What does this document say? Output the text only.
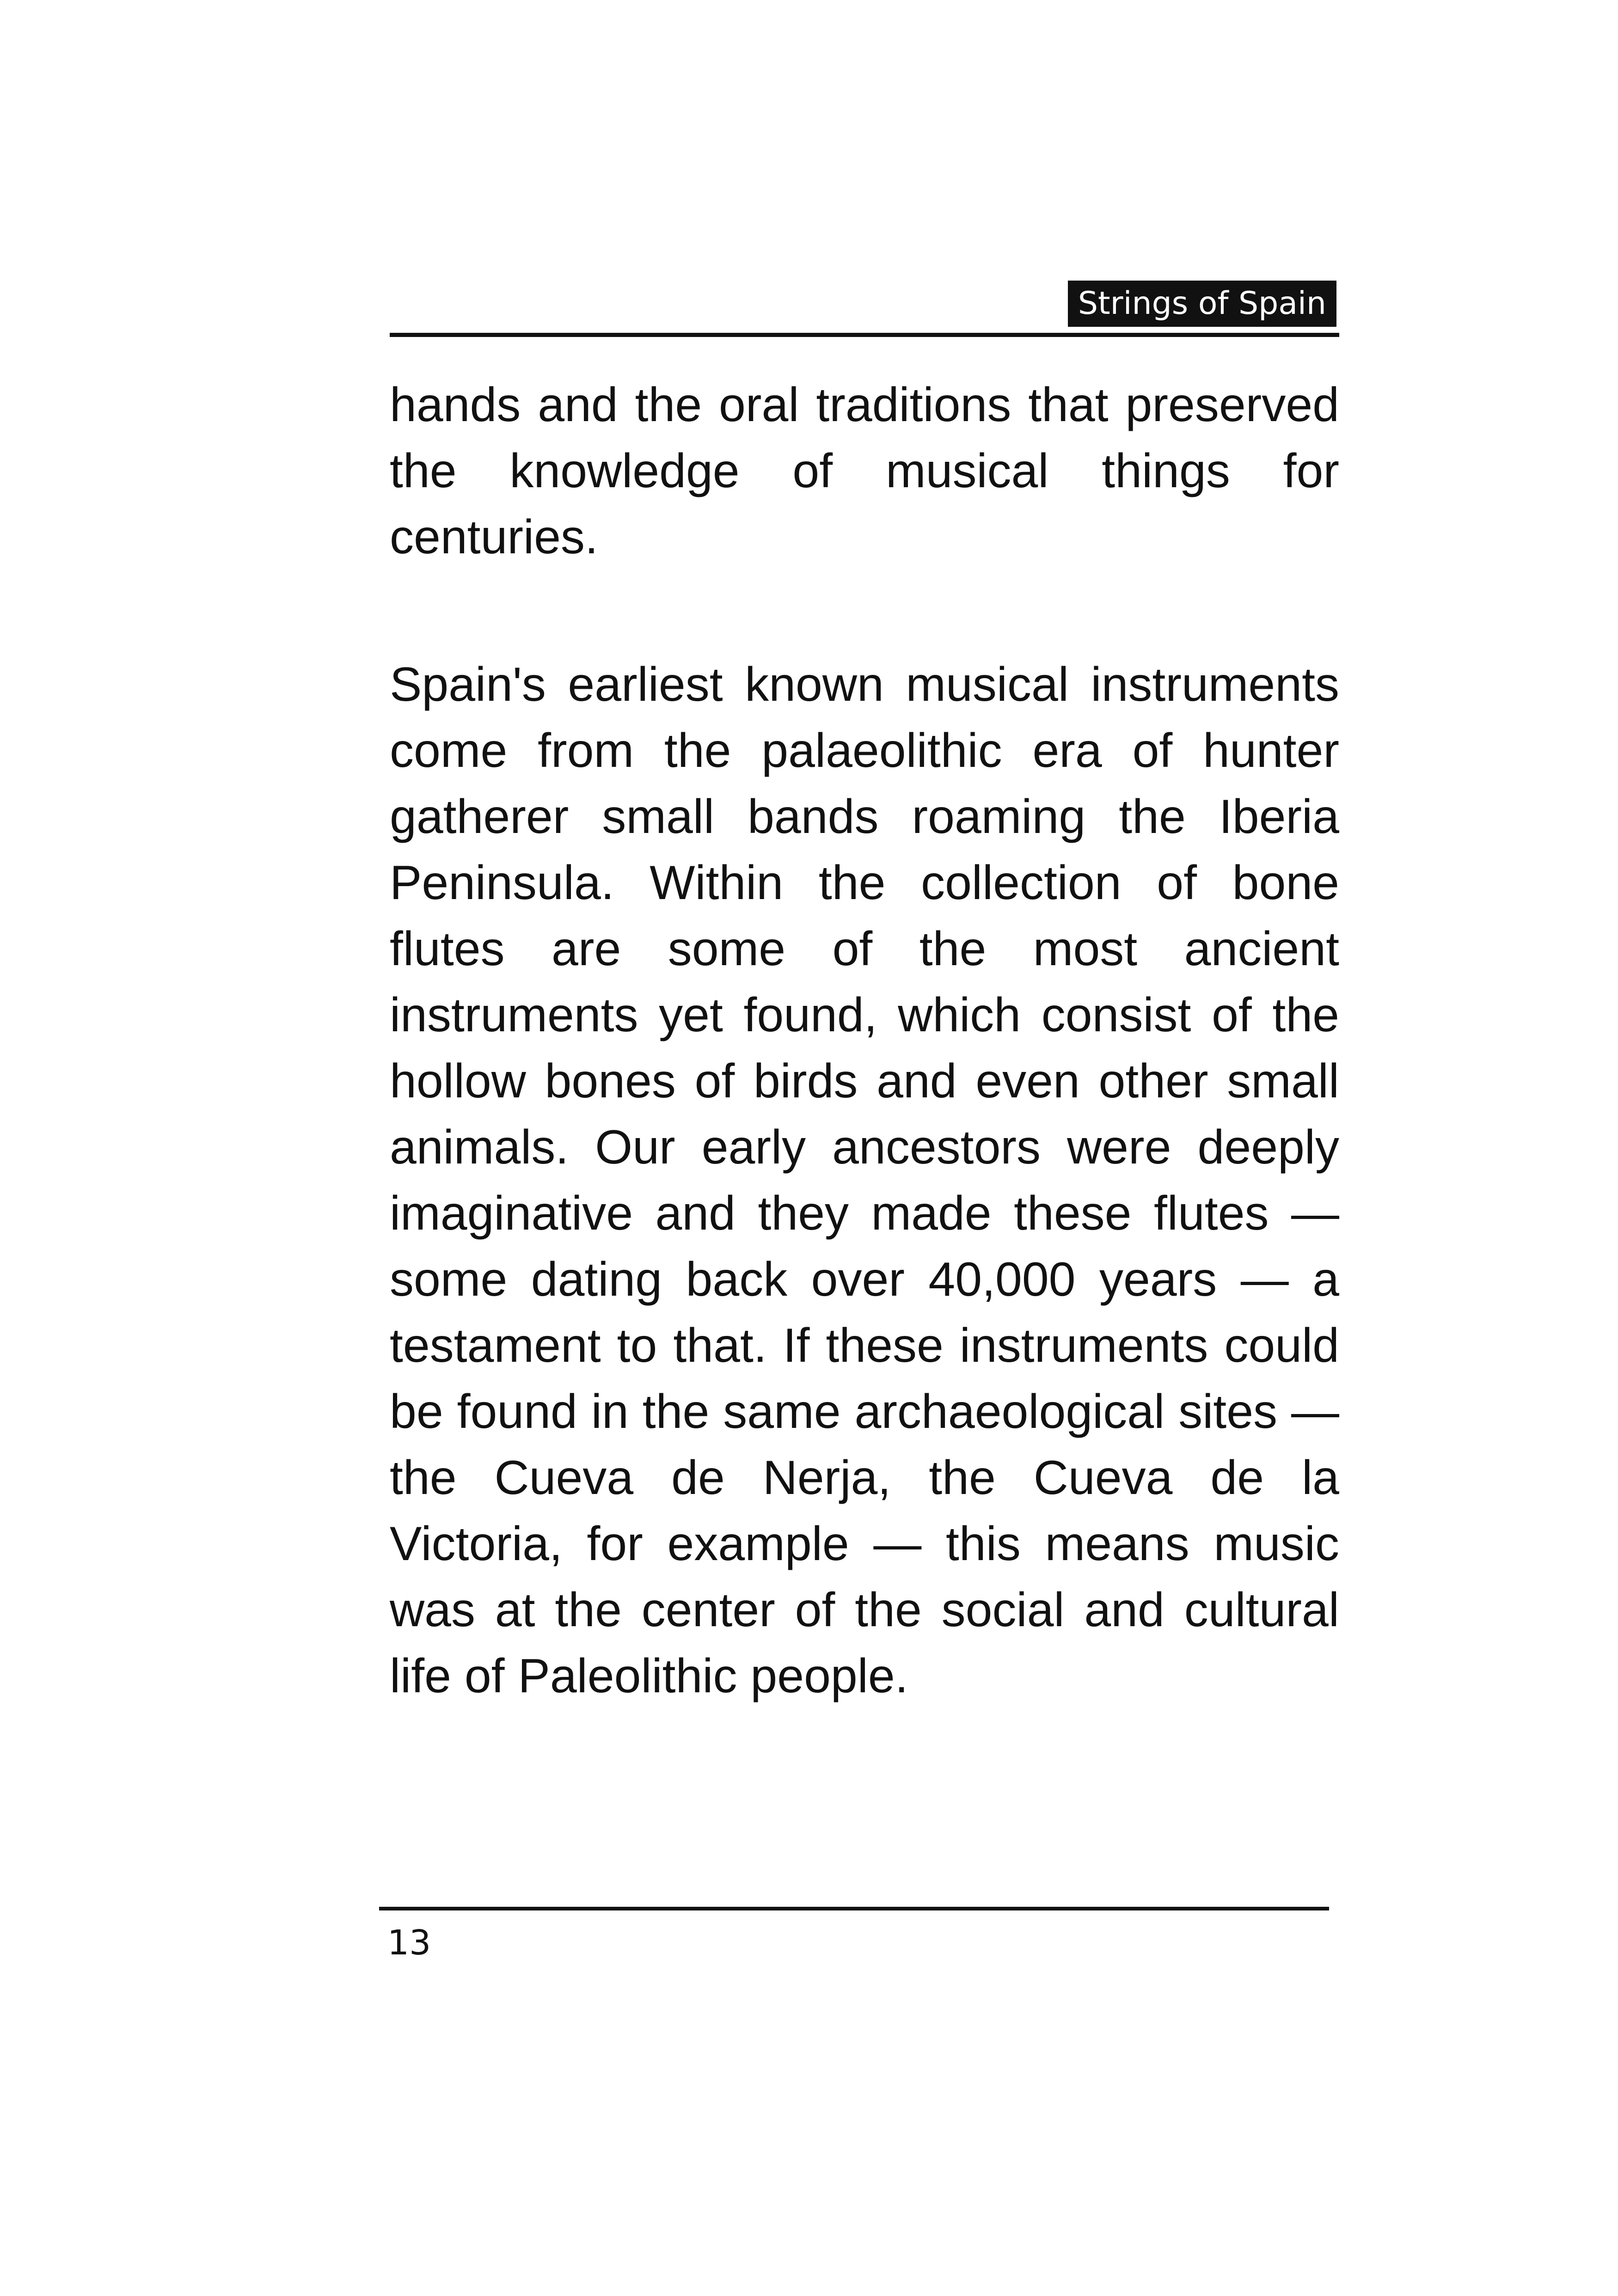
Strings of Spain

hands and the oral traditions that preserved the knowledge of musical things for centuries.

Spain's earliest known musical instruments come from the palaeolithic era of hunter gatherer small bands roaming the Iberia Peninsula. Within the collection of bone flutes are some of the most ancient instruments yet found, which consist of the hollow bones of birds and even other small animals. Our early ancestors were deeply imaginative and they made these flutes — some dating back over 40,000 years — a testament to that. If these instruments could be found in the same archaeological sites — the Cueva de Nerja, the Cueva de la Victoria, for example — this means music was at the center of the social and cultural life of Paleolithic people.

13
